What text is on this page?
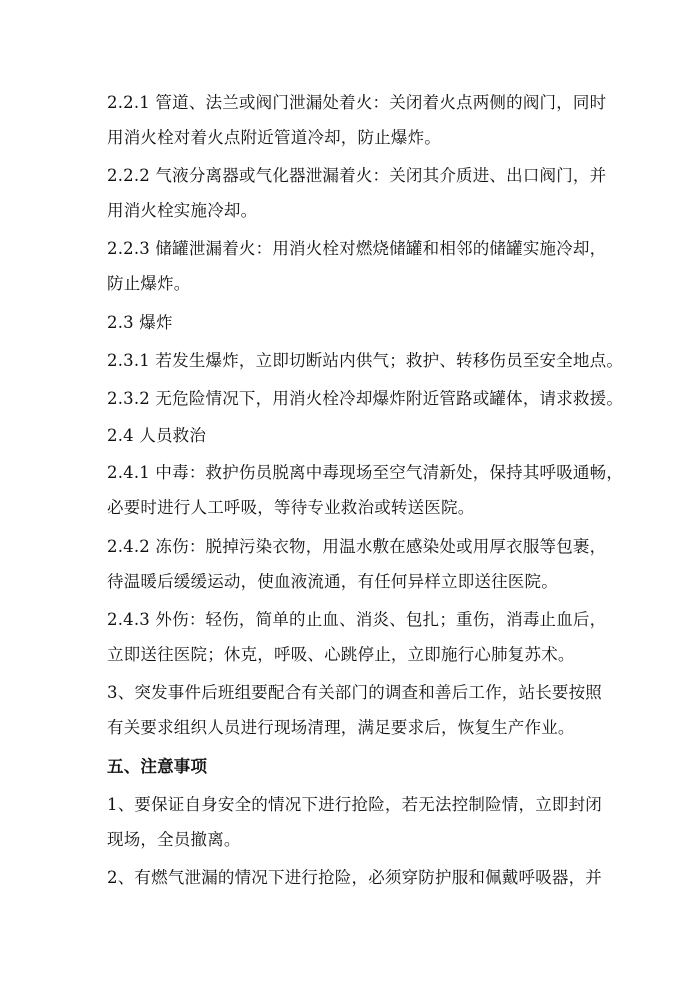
2.2.1 管道、法兰或阀门泄漏处着火：关闭着火点两侧的阀门，同时
用消火栓对着火点附近管道冷却，防止爆炸。
2.2.2 气液分离器或气化器泄漏着火：关闭其介质进、出口阀门，并
用消火栓实施冷却。
2.2.3 储罐泄漏着火：用消火栓对燃烧储罐和相邻的储罐实施冷却，
防止爆炸。
2.3 爆炸
2.3.1 若发生爆炸，立即切断站内供气；救护、转移伤员至安全地点。
2.3.2 无危险情况下，用消火栓冷却爆炸附近管路或罐体，请求救援。
2.4 人员救治
2.4.1 中毒：救护伤员脱离中毒现场至空气清新处，保持其呼吸通畅，
必要时进行人工呼吸，等待专业救治或转送医院。
2.4.2 冻伤：脱掉污染衣物，用温水敷在感染处或用厚衣服等包裹，
待温暖后缓缓运动，使血液流通，有任何异样立即送往医院。
2.4.3 外伤：轻伤，简单的止血、消炎、包扎；重伤，消毒止血后，
立即送往医院；休克，呼吸、心跳停止，立即施行心肺复苏术。
3、突发事件后班组要配合有关部门的调查和善后工作，站长要按照
有关要求组织人员进行现场清理，满足要求后，恢复生产作业。
五、注意事项
1、要保证自身安全的情况下进行抢险，若无法控制险情，立即封闭
现场，全员撤离。
2、有燃气泄漏的情况下进行抢险，必须穿防护服和佩戴呼吸器，并
